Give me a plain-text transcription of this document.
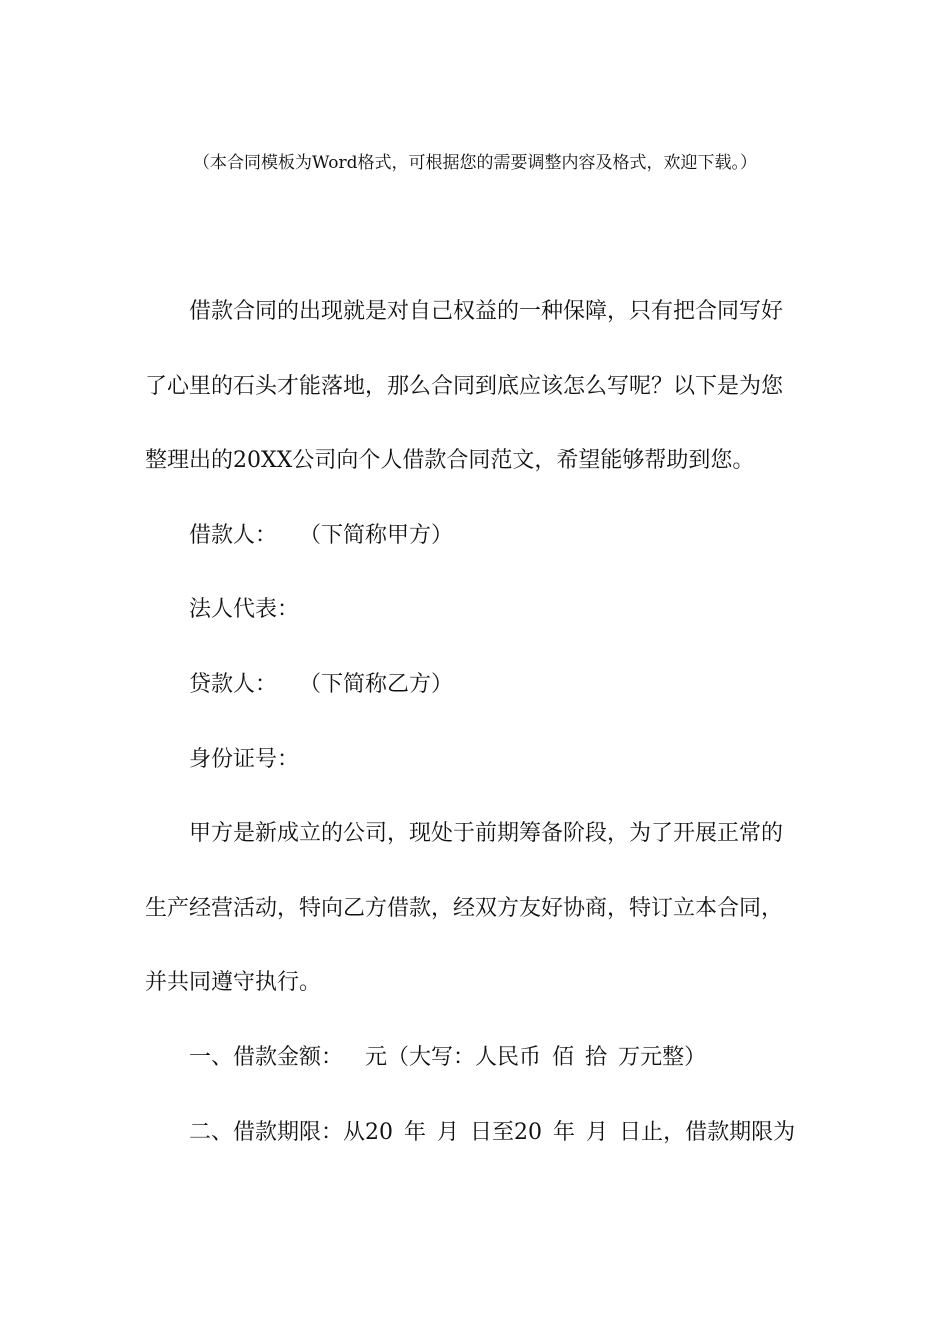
（本合同模板为Word格式，可根据您的需要调整内容及格式，欢迎下载。）
借款合同的出现就是对自己权益的一种保障，只有把合同写好
了心里的石头才能落地，那么合同到底应该怎么写呢？以下是为您
整理出的20XX公司向个人借款合同范文，希望能够帮助到您。
借款人： （下简称甲方）
法人代表：
贷款人： （下简称乙方）
身份证号：
甲方是新成立的公司，现处于前期筹备阶段，为了开展正常的
生产经营活动，特向乙方借款，经双方友好协商，特订立本合同，
并共同遵守执行。
一、借款金额： 元（大写：人民币 佰 拾 万元整）
二、借款期限：从20 年 月 日至20 年 月 日止，借款期限为
